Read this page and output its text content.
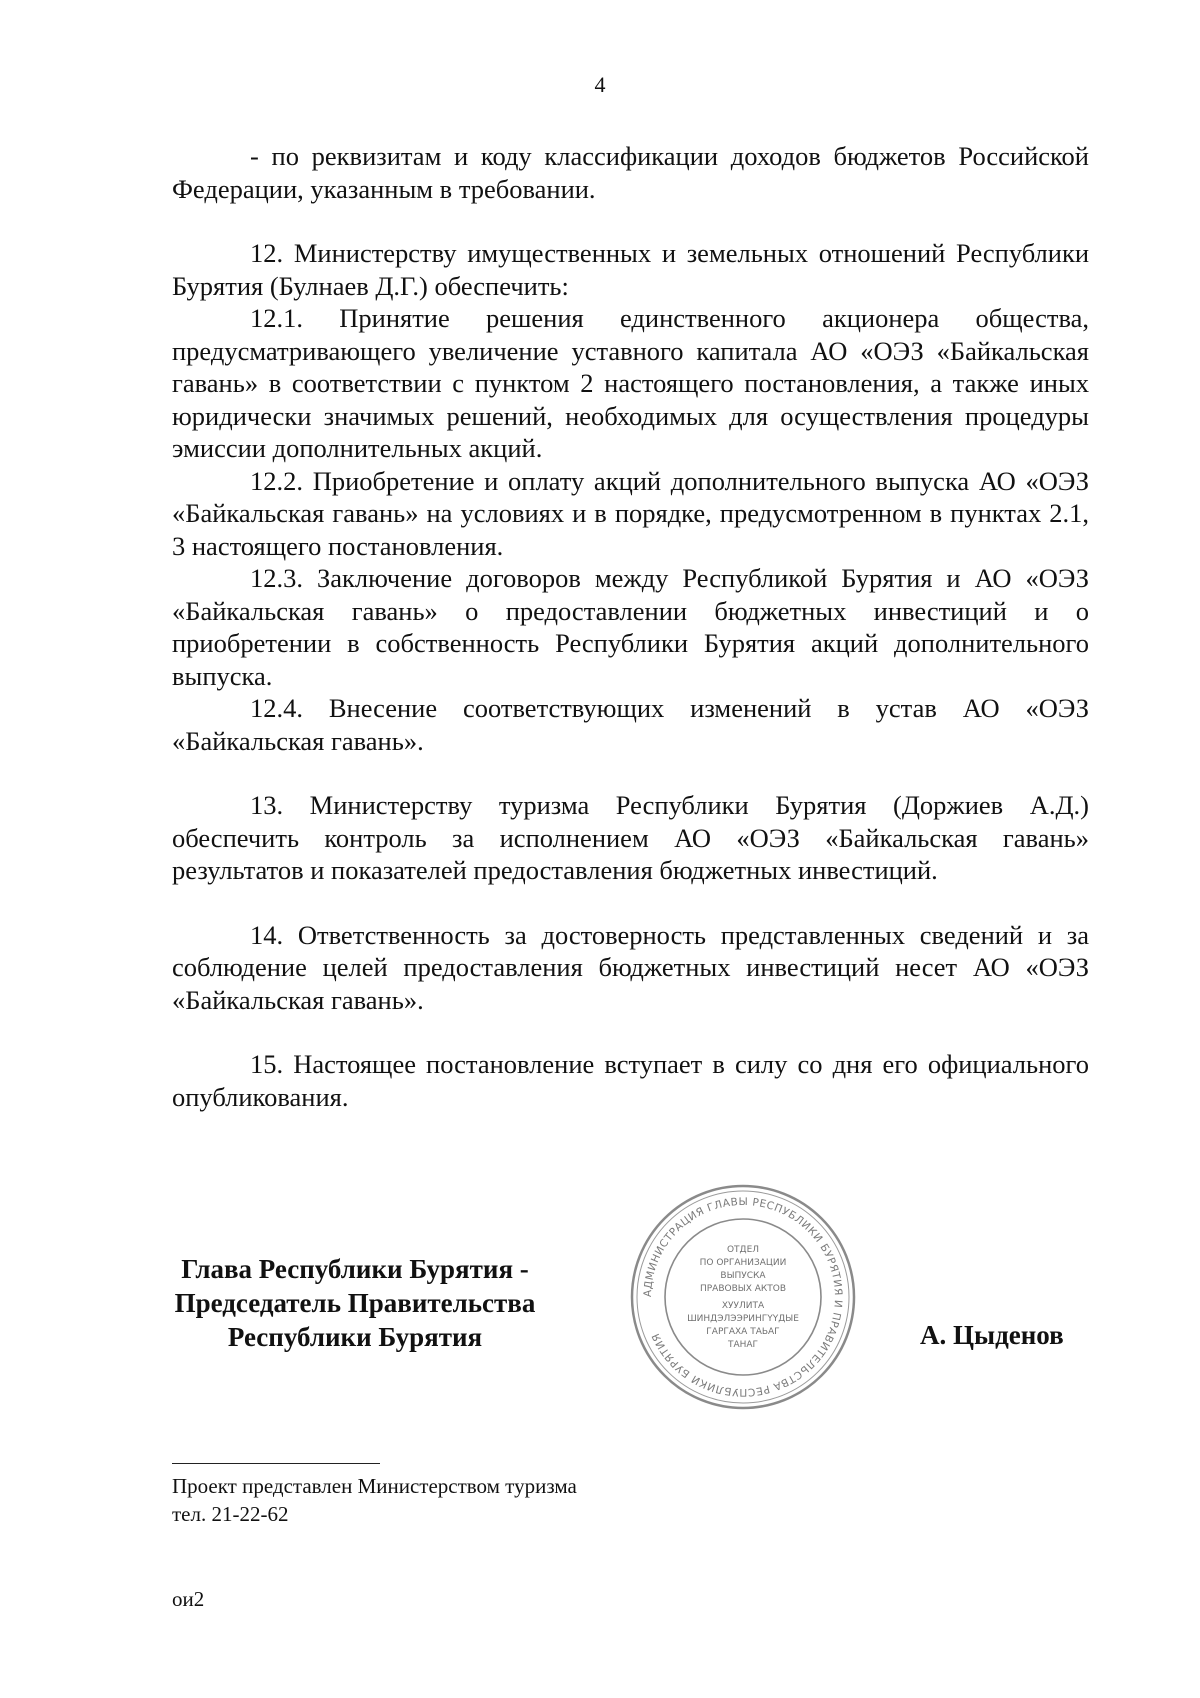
4

- по реквизитам и коду классификации доходов бюджетов Российской Федерации, указанным в требовании.

12. Министерству имущественных и земельных отношений Республики Бурятия (Булнаев Д.Г.) обеспечить:

12.1. Принятие решения единственного акционера общества, предусматривающего увеличение уставного капитала АО «ОЭЗ «Байкальская гавань» в соответствии с пунктом 2 настоящего постановления, а также иных юридически значимых решений, необходимых для осуществления процедуры эмиссии дополнительных акций.

12.2. Приобретение и оплату акций дополнительного выпуска АО «ОЭЗ «Байкальская гавань» на условиях и в порядке, предусмотренном в пунктах 2.1, 3 настоящего постановления.

12.3. Заключение договоров между Республикой Бурятия и АО «ОЭЗ «Байкальская гавань» о предоставлении бюджетных инвестиций и о приобретении в собственность Республики Бурятия акций дополнительного выпуска.

12.4. Внесение соответствующих изменений в устав АО «ОЭЗ «Байкальская гавань».

13. Министерству туризма Республики Бурятия (Доржиев А.Д.) обеспечить контроль за исполнением АО «ОЭЗ «Байкальская гавань» результатов и показателей предоставления бюджетных инвестиций.

14. Ответственность за достоверность представленных сведений и за соблюдение целей предоставления бюджетных инвестиций несет АО «ОЭЗ «Байкальская гавань».

15. Настоящее постановление вступает в силу со дня его официального опубликования.

Глава Республики Бурятия -
Председатель Правительства
Республики Бурятия
АДМИНИСТРАЦИЯ ГЛАВЫ РЕСПУБЛИКИ БУРЯТИЯ И ПРАВИТЕЛЬСТВА РЕСПУБЛИКИ БУРЯТИЯ
ОТДЕЛ
ПО ОРГАНИЗАЦИИ
ВЫПУСКА
ПРАВОВЫХ АКТОВ
ХУУЛИТА
ШИНДЭЛЭЭРИНГҮҮДЫЕ
ГАРГАХА ТАЬАГ
ТАНАГ	А. Цыденов
Проект представлен Министерством туризма
тел. 21-22-62
ои2
